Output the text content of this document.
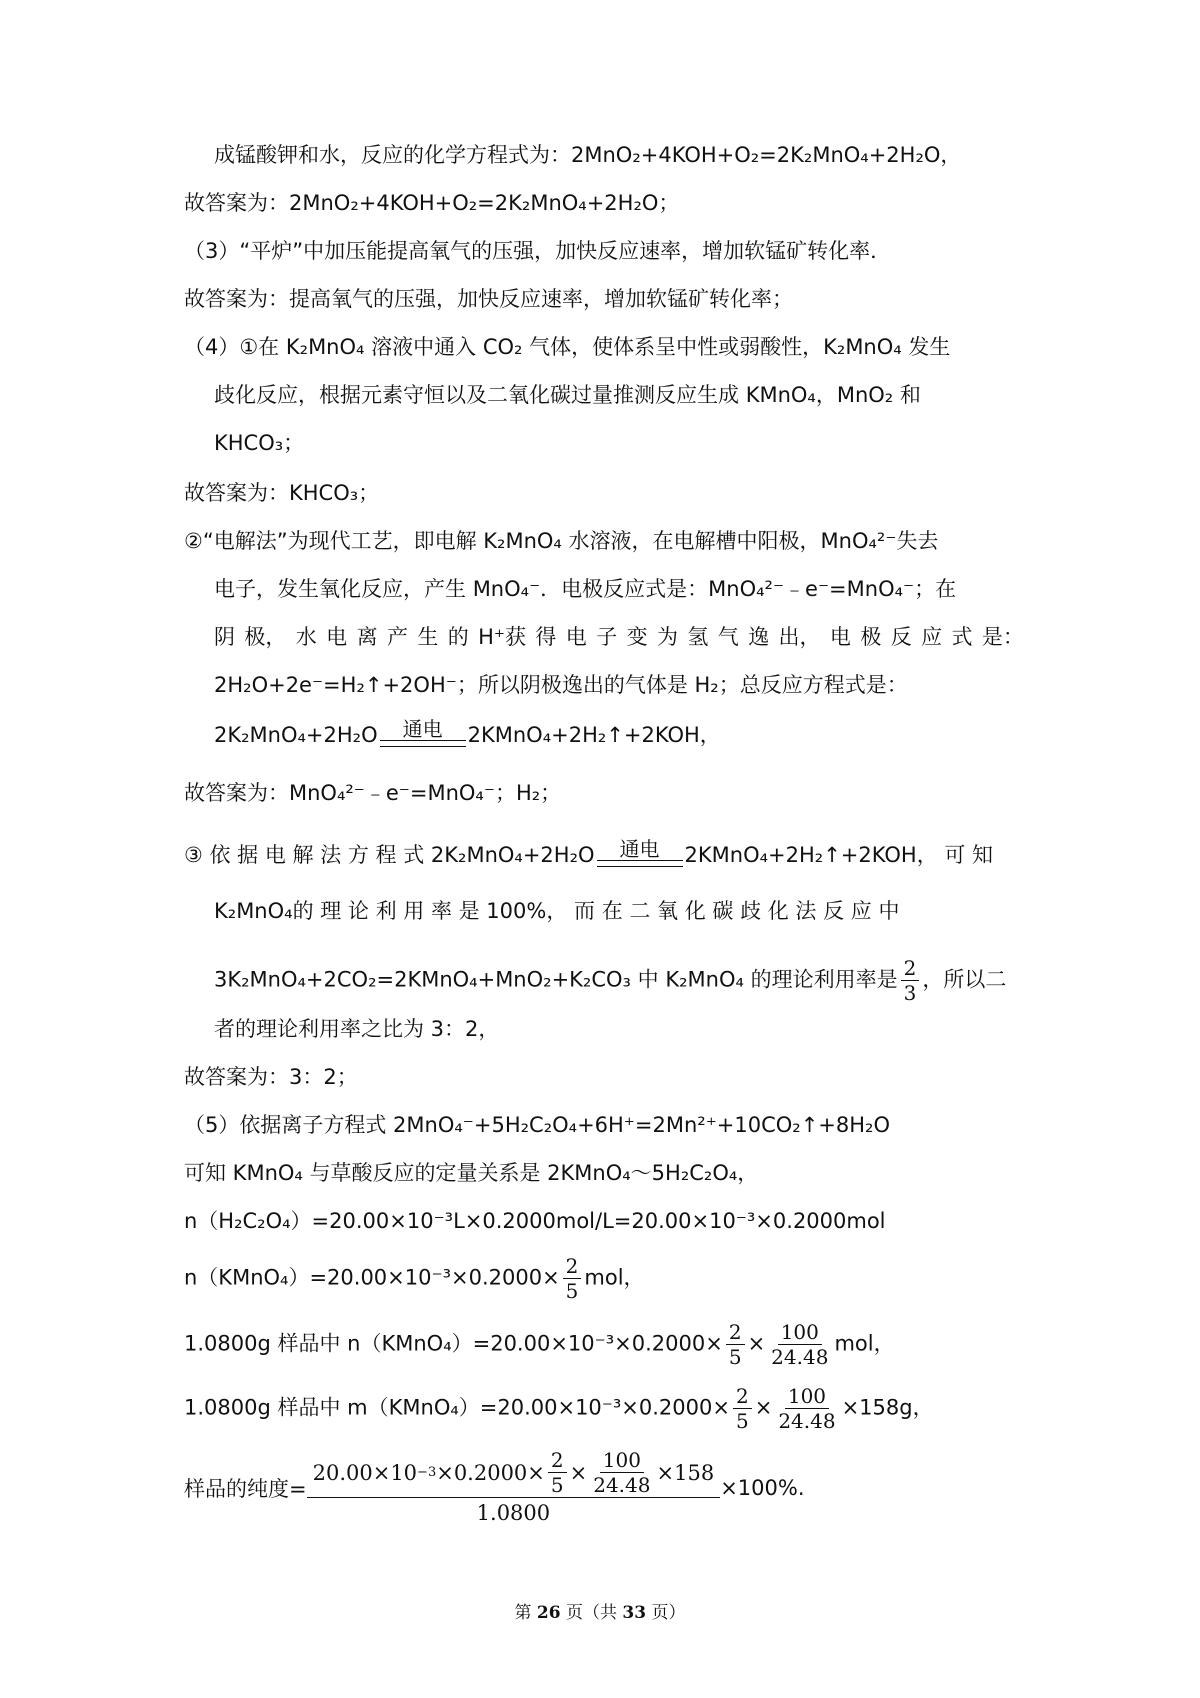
成锰酸钾和水，反应的化学方程式为：2MnO₂+4KOH+O₂=2K₂MnO₄+2H₂O，
故答案为：2MnO₂+4KOH+O₂=2K₂MnO₄+2H₂O；
（3）“平炉”中加压能提高氧气的压强，加快反应速率，增加软锰矿转化率．
故答案为：提高氧气的压强，加快反应速率，增加软锰矿转化率；
（4）①在 K₂MnO₄ 溶液中通入 CO₂ 气体，使体系呈中性或弱酸性，K₂MnO₄ 发生
歧化反应，根据元素守恒以及二氧化碳过量推测反应生成 KMnO₄，MnO₂ 和
KHCO₃；
故答案为：KHCO₃；
②“电解法”为现代工艺，即电解 K₂MnO₄ 水溶液，在电解槽中阳极，MnO₄²⁻失去
电子，发生氧化反应，产生 MnO₄⁻．电极反应式是：MnO₄²⁻﹣e⁻=MnO₄⁻；在
阴 极， 水 电 离 产 生 的 H⁺获 得 电 子 变 为 氢 气 逸 出， 电 极 反 应 式 是：
2H₂O+2e⁻=H₂↑+2OH⁻；所以阴极逸出的气体是 H₂；总反应方程式是：
2K₂MnO₄+2H₂O 通电 2KMnO₄+2H₂↑+2KOH，
故答案为：MnO₄²⁻﹣e⁻=MnO₄⁻；H₂；
③ 依 据 电 解 法 方 程 式 2K₂MnO₄+2H₂O 通电 2KMnO₄+2H₂↑+2KOH， 可 知
K₂MnO₄的 理 论 利 用 率 是 100%， 而 在 二 氧 化 碳 歧 化 法 反 应 中
3K₂MnO₄+2CO₂=2KMnO₄+MnO₂+K₂CO₃ 中 K₂MnO₄ 的理论利用率是 $\frac{2}{3}$ ，所以二
者的理论利用率之比为 3：2，
故答案为：3：2；
（5）依据离子方程式 2MnO₄⁻+5H₂C₂O₄+6H⁺=2Mn²⁺+10CO₂↑+8H₂O
可知 KMnO₄ 与草酸反应的定量关系是 2KMnO₄～5H₂C₂O₄，
n（H₂C₂O₄）=20.00×10⁻³L×0.2000mol/L=20.00×10⁻³×0.2000mol
n（KMnO₄）=20.00×10⁻³×0.2000× $\frac{2}{5}$ mol，
1.0800g 样品中 n（KMnO₄）=20.00×10⁻³×0.2000× $\frac{2}{5} \times \frac{100}{24.48}$ mol，
1.0800g 样品中 m（KMnO₄）=20.00×10⁻³×0.2000× $\frac{2}{5} \times \frac{100}{24.48} \times 158g$，
样品的纯度= $\frac{20.00\times 10 -3 \times 0.2000\times \frac{2}{5} \times \frac{100}{24.48} \times 158}{1.0800} \times 100\%$.
第 26 页（共 33 页）
